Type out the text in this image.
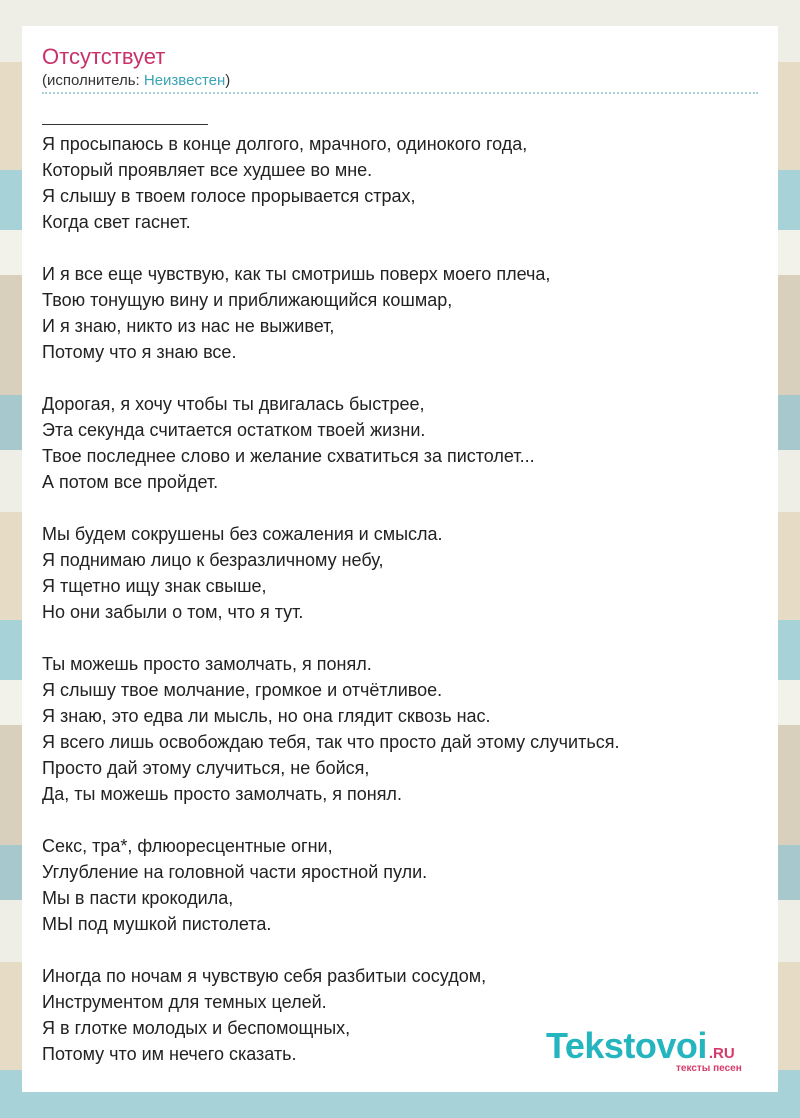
Отсутствует
(исполнитель: Неизвестен)
Я просыпаюсь в конце долгого, мрачного, одинокого года,
Который проявляет все худшее во мне.
Я слышу в твоем голосе прорывается страх,
Когда свет гаснет.
И я все еще чувствую, как ты смотришь поверх моего плеча,
Твою тонущую вину и приближающийся кошмар,
И я знаю, никто из нас не выживет,
Потому что я знаю все.
Дорогая, я хочу чтобы ты двигалась быстрее,
Эта секунда считается остатком твоей жизни.
Твое последнее слово и желание схватиться за пистолет...
А потом все пройдет.
Мы будем сокрушены без сожаления и смысла.
Я поднимаю лицо к безразличному небу,
Я тщетно ищу знак свыше,
Но они забыли о том, что я тут.
Ты можешь просто замолчать, я понял.
Я слышу твое молчание, громкое и отчётливое.
Я знаю, это едва ли мысль, но она глядит сквозь нас.
Я всего лишь освобождаю тебя, так что просто дай этому случиться.
Просто дай этому случиться, не бойся,
Да, ты можешь просто замолчать, я понял.
Секс, тра*, флюоресцентные огни,
Углубление на головной части яростной пули.
Мы в пасти крокодила,
МЫ под мушкой пистолета.
Иногда по ночам я чувствую себя разбитыи сосудом,
Инструментом для темных целей.
Я в глотке молодых и беспомощных,
Потому что им нечего сказать.	Tekstovoi .RU
тексты песен
